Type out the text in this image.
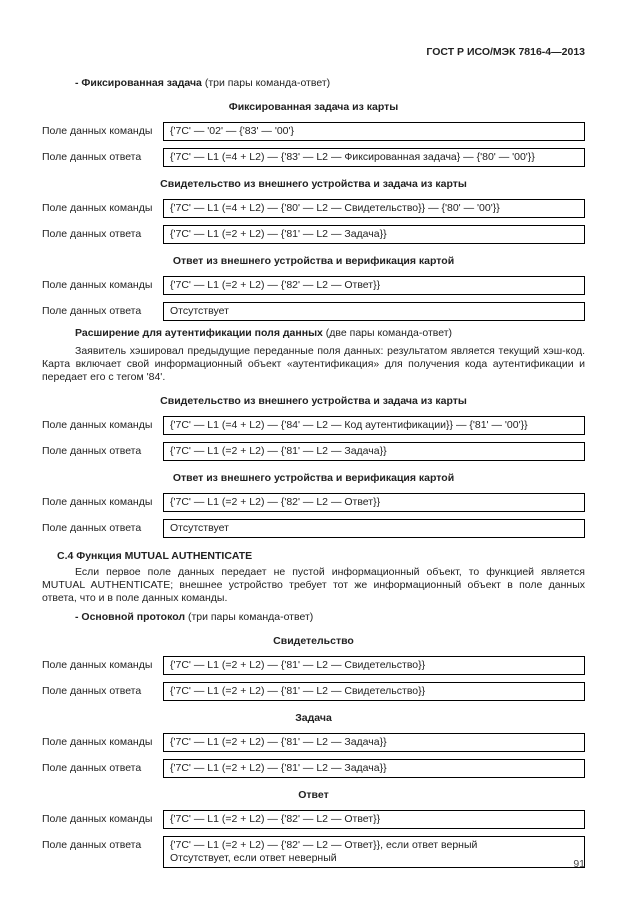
ГОСТ Р ИСО/МЭК 7816-4—2013
- Фиксированная задача (три пары команда-ответ)
Фиксированная задача из карты
Поле данных команды	{'7C' — '02' — {'83' — '00'}
Поле данных ответа	{'7C' — L1 (=4 + L2) — {'83' — L2 — Фиксированная задача} — {'80' — '00'}}
Свидетельство из внешнего устройства и задача из карты
Поле данных команды	{'7C' — L1 (=4 + L2) — {'80' — L2 — Свидетельство}} — {'80' — '00'}}
Поле данных ответа	{'7C' — L1 (=2 + L2) — {'81' — L2 — Задача}}
Ответ из внешнего устройства и верификация картой
Поле данных команды	{'7C' — L1 (=2 + L2) — {'82' — L2 — Ответ}}
Поле данных ответа	Отсутствует
Расширение для аутентификации поля данных (две пары команда-ответ)
Заявитель хэшировал предыдущие переданные поля данных: результатом является текущий хэш-код. Карта включает свой информационный объект «аутентификация» для получения кода аутентификации и передает его с тегом '84'.
Свидетельство из внешнего устройства и задача из карты
Поле данных команды	{'7C' — L1 (=4 + L2) — {'84' — L2 — Код аутентификации}} — {'81' — '00'}}
Поле данных ответа	{'7C' — L1 (=2 + L2) — {'81' — L2 — Задача}}
Ответ из внешнего устройства и верификация картой
Поле данных команды	{'7C' — L1 (=2 + L2) — {'82' — L2 — Ответ}}
Поле данных ответа	Отсутствует
С.4 Функция MUTUAL AUTHENTICATE
Если первое поле данных передает не пустой информационный объект, то функцией является MUTUAL AUTHENTICATE; внешнее устройство требует тот же информационный объект в поле данных ответа, что и в поле данных команды.
- Основной протокол (три пары команда-ответ)
Свидетельство
Поле данных команды	{'7C' — L1 (=2 + L2) — {'81' — L2 — Свидетельство}}
Поле данных ответа	{'7C' — L1 (=2 + L2) — {'81' — L2 — Свидетельство}}
Задача
Поле данных команды	{'7C' — L1 (=2 + L2) — {'81' — L2 — Задача}}
Поле данных ответа	{'7C' — L1 (=2 + L2) — {'81' — L2 — Задача}}
Ответ
Поле данных команды	{'7C' — L1 (=2 + L2) — {'82' — L2 — Ответ}}
Поле данных ответа	{'7C' — L1 (=2 + L2) — {'82' — L2 — Ответ}}, если ответ верный
Отсутствует, если ответ неверный	91
